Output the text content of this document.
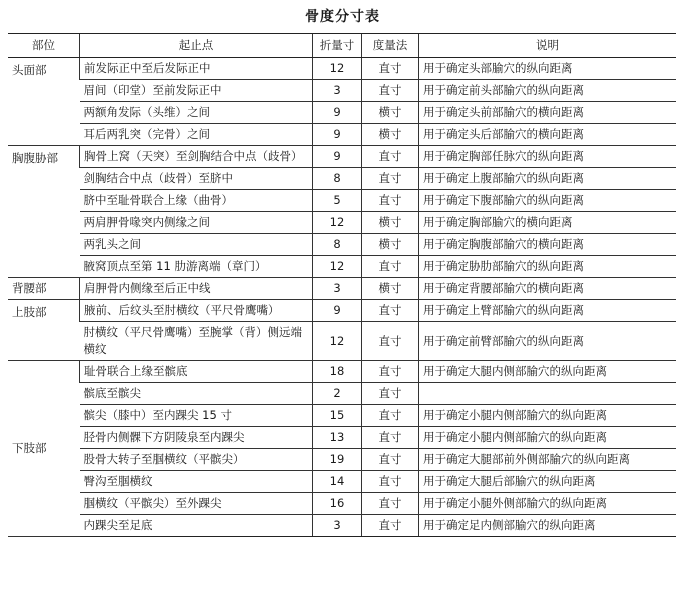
骨度分寸表
部位	起止点	折量寸	度量法	说明
头面部	前发际正中至后发际正中	12	直寸	用于确定头部腧穴的纵向距离
	眉间（印堂）至前发际正中	3	直寸	用于确定前头部腧穴的纵向距离
	两额角发际（头维）之间	9	横寸	用于确定头前部腧穴的横向距离
	耳后两乳突（完骨）之间	9	横寸	用于确定头后部腧穴的横向距离
胸腹胁部	胸骨上窝（天突）至剑胸结合中点（歧骨）	9	直寸	用于确定胸部任脉穴的纵向距离
	剑胸结合中点（歧骨）至脐中	8	直寸	用于确定上腹部腧穴的纵向距离
	脐中至耻骨联合上缘（曲骨）	5	直寸	用于确定下腹部腧穴的纵向距离
	两肩胛骨喙突内侧缘之间	12	横寸	用于确定胸部腧穴的横向距离
	两乳头之间	8	横寸	用于确定胸腹部腧穴的横向距离
	腋窝顶点至第 11 肋游离端（章门）	12	直寸	用于确定胁肋部腧穴的纵向距离
背腰部	肩胛骨内侧缘至后正中线	3	横寸	用于确定背腰部腧穴的横向距离
上肢部	腋前、后纹头至肘横纹（平尺骨鹰嘴）	9	直寸	用于确定上臂部腧穴的纵向距离
	肘横纹（平尺骨鹰嘴）至腕掌（背）侧远端横纹	12	直寸	用于确定前臂部腧穴的纵向距离
下肢部	耻骨联合上缘至髌底	18	直寸	用于确定大腿内侧部腧穴的纵向距离
	髌底至髌尖	2	直寸	
	髌尖（膝中）至内踝尖 15 寸	15	直寸	用于确定小腿内侧部腧穴的纵向距离
	胫骨内侧髁下方阴陵泉至内踝尖	13	直寸	用于确定小腿内侧部腧穴的纵向距离
	股骨大转子至腘横纹（平髌尖）	19	直寸	用于确定大腿部前外侧部腧穴的纵向距离
	臀沟至腘横纹	14	直寸	用于确定大腿后部腧穴的纵向距离
	腘横纹（平髌尖）至外踝尖	16	直寸	用于确定小腿外侧部腧穴的纵向距离
	内踝尖至足底	3	直寸	用于确定足内侧部腧穴的纵向距离
